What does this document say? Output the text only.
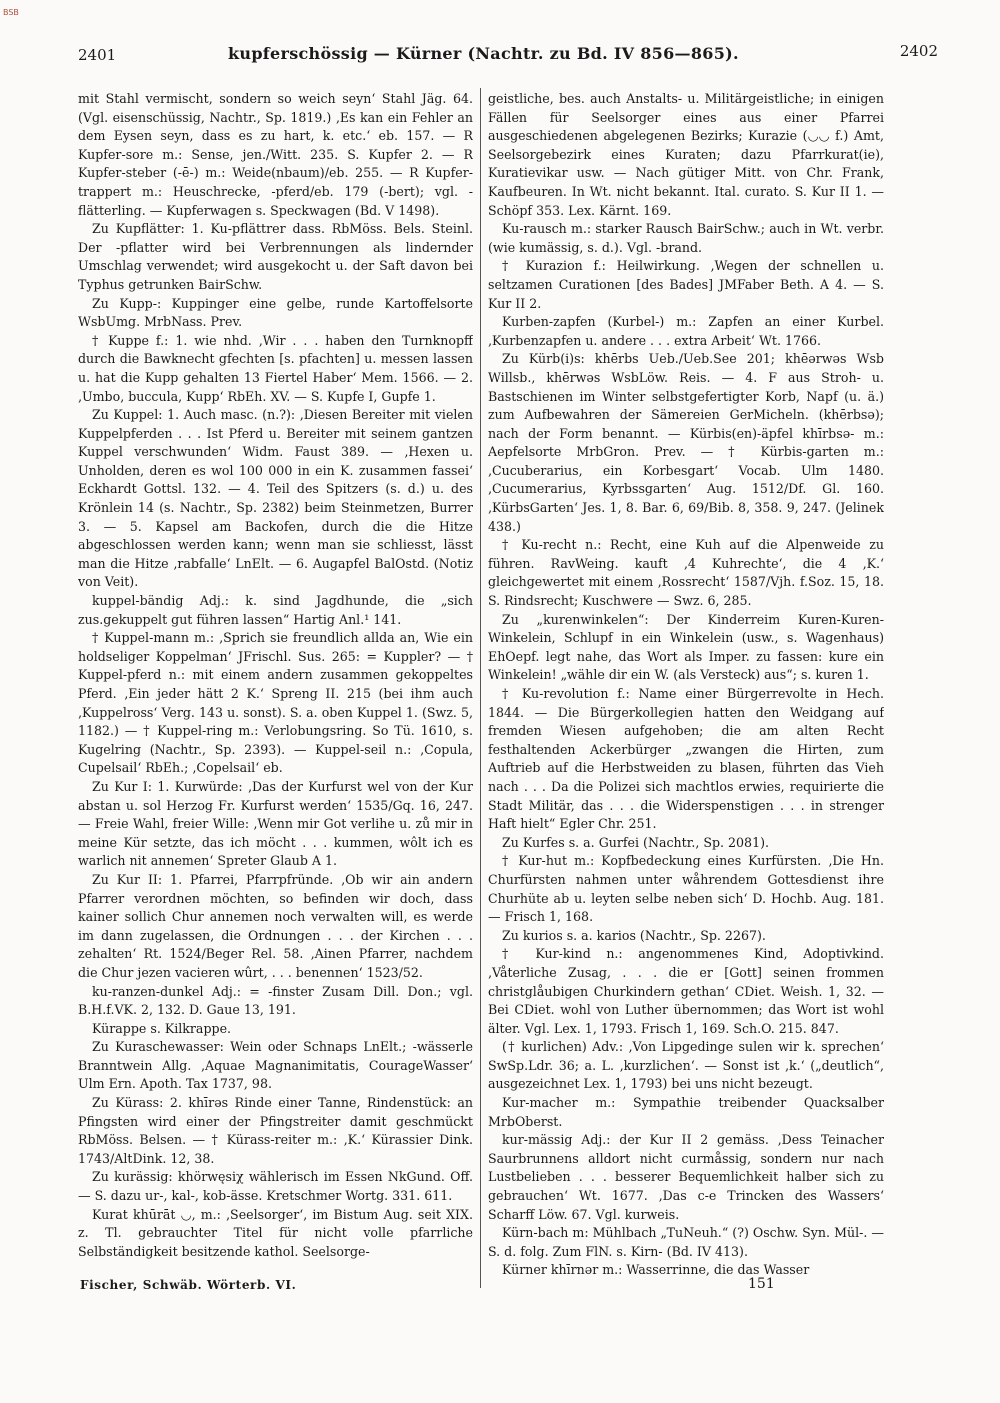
BSB
2401	kupferschössig — Kürner (Nachtr. zu Bd. IV 856—865).	2402

mit Stahl vermischt, sondern so weich seyn‘ Stahl Jäg. 64. (Vgl. eisenschüssig, Nachtr., Sp. 1819.) ‚Es kan ein Fehler an dem Eysen seyn, dass es zu hart, k. etc.‘ eb. 157. — R Kupfer-sore m.: Sense, jen./Witt. 235. S. Kupfer 2. — R Kupfer-steber (-ē-) m.: Weide(nbaum)/eb. 255. — R Kupfer-trappert m.: Heuschrecke, -pferd/eb. 179 (-bert); vgl. -flätterling. — Kupferwagen s. Speckwagen (Bd. V 1498).

Zu Kupflätter: 1. Ku-pflättrer dass. RbMöss. Bels. Steinl. Der -pflatter wird bei Verbrennungen als lindernder Umschlag verwendet; wird ausgekocht u. der Saft davon bei Typhus getrunken BairSchw.

Zu Kupp-: Kuppinger eine gelbe, runde Kartoffelsorte WsbUmg. MrbNass. Prev.

† Kuppe f.: 1. wie nhd. ‚Wir . . . haben den Turnknopff durch die Bawknecht gfechten [s. pfachten] u. messen lassen u. hat die Kupp gehalten 13 Fiertel Haber‘ Mem. 1566. — 2. ‚Umbo, buccula, Kupp‘ RbEh. XV. — S. Kupfe I, Gupfe 1.

Zu Kuppel: 1. Auch masc. (n.?): ‚Diesen Bereiter mit vielen Kuppelpferden . . . Ist Pferd u. Bereiter mit seinem gantzen Kuppel verschwunden‘ Widm. Faust 389. — ‚Hexen u. Unholden, deren es wol 100 000 in ein K. zusammen fassei‘ Eckhardt Gottsl. 132. — 4. Teil des Spitzers (s. d.) u. des Krönlein 14 (s. Nachtr., Sp. 2382) beim Steinmetzen, Burrer 3. — 5. Kapsel am Backofen, durch die die Hitze abgeschlossen werden kann; wenn man sie schliesst, lässt man die Hitze ‚rabfalle‘ LnElt. — 6. Augapfel BalOstd. (Notiz von Veit).

kuppel-bändig Adj.: k. sind Jagdhunde, die „sich zus.gekuppelt gut führen lassen“ Hartig Anl.¹ 141.

† Kuppel-mann m.: ‚Sprich sie freundlich allda an, Wie ein holdseliger Koppelman‘ JFrischl. Sus. 265: = Kuppler? — † Kuppel-pferd n.: mit einem andern zusammen gekoppeltes Pferd. ‚Ein jeder hätt 2 K.‘ Spreng II. 215 (bei ihm auch ‚Kuppelross‘ Verg. 143 u. sonst). S. a. oben Kuppel 1. (Swz. 5, 1182.) — † Kuppel-ring m.: Verlobungsring. So Tü. 1610, s. Kugelring (Nachtr., Sp. 2393). — Kuppel-seil n.: ‚Copula, Cupelsail‘ RbEh.; ‚Copelsail‘ eb.

Zu Kur I: 1. Kurwürde: ‚Das der Kurfurst wel von der Kur abstan u. sol Herzog Fr. Kurfurst werden‘ 1535/Gq. 16, 247. — Freie Wahl, freier Wille: ‚Wenn mir Got verlihe u. zů mir in meine Kür setzte, das ich möcht . . . kummen, wôlt ich es warlich nit annemen‘ Spreter Glaub A 1.

Zu Kur II: 1. Pfarrei, Pfarrpfründe. ‚Ob wir ain andern Pfarrer verordnen möchten, so befinden wir doch, dass kainer sollich Chur annemen noch verwalten will, es werde im dann zugelassen, die Ordnungen . . . der Kirchen . . . zehalten‘ Rt. 1524/Beger Rel. 58. ‚Ainen Pfarrer, nachdem die Chur jezen vacieren wûrt, . . . benennen‘ 1523/52.

ku-ranzen-dunkel Adj.: = -finster Zusam Dill. Don.; vgl. B.H.f.VK. 2, 132. D. Gaue 13, 191.

Kürappe s. Kilkrappe.

Zu Kuraschewasser: Wein oder Schnaps LnElt.; -wässerle Branntwein Allg. ‚Aquae Magnanimitatis, CouragеWasser‘ Ulm Ern. Apoth. Tax 1737, 98.

Zu Kürass: 2. khīrəs Rinde einer Tanne, Rindenstück: an Pfingsten wird einer der Pfingstreiter damit geschmückt RbMöss. Belsen. — † Kürass-reiter m.: ‚K.‘ Kürassier Dink. 1743/AltDink. 12, 38.

Zu kurässig: khörwęsiχ wählerisch im Essen NkGund. Off. — S. dazu ur-, kal-, kob-ässe. Kretschmer Wortg. 331. 611.

Kurat khūrāt ◡, m.: ‚Seelsorger‘, im Bistum Aug. seit XIX. z. Tl. gebrauchter Titel für nicht volle pfarrliche Selbständigkeit besitzende kathol. Seelsorge-

geistliche, bes. auch Anstalts- u. Militärgeistliche; in einigen Fällen für Seelsorger eines aus einer Pfarrei ausgeschiedenen abgelegenen Bezirks; Kurazie (◡◡ f.) Amt, Seelsorgebezirk eines Kuraten; dazu Pfarrkurat(ie), Kuratievikar usw. — Nach gütiger Mitt. von Chr. Frank, Kaufbeuren. In Wt. nicht bekannt. Ital. curato. S. Kur II 1. — Schöpf 353. Lex. Kärnt. 169.

Ku-rausch m.: starker Rausch BairSchw.; auch in Wt. verbr. (wie kumässig, s. d.). Vgl. -brand.

† Kurazion f.: Heilwirkung. ‚Wegen der schnellen u. seltzamen Curationen [des Bades] JMFaber Beth. A 4. — S. Kur II 2.

Kurben-zapfen (Kurbel-) m.: Zapfen an einer Kurbel. ‚Kurbenzapfen u. andere . . . extra Arbeit‘ Wt. 1766.

Zu Kürb(i)s: khērbs Ueb./Ueb.See 201; khēərwəs Wsb Willsb., khērwəs WsbLöw. Reis. — 4. F aus Stroh- u. Bastschienen im Winter selbstgefertigter Korb, Napf (u. ä.) zum Aufbewahren der Sämereien GerMicheln. (khērbsə); nach der Form benannt. — Kürbis(en)-äpfel khīrbsə- m.: Aepfelsorte MrbGron. Prev. — † Kürbis-garten m.: ‚Cucuberarius, ein Korbesgart‘ Vocab. Ulm 1480. ‚Cucumerarius, Kyrbssgarten‘ Aug. 1512/Df. Gl. 160. ‚KürbsGarten‘ Jes. 1, 8. Bar. 6, 69/Bib. 8, 358. 9, 247. (Jelinek 438.)

† Ku-recht n.: Recht, eine Kuh auf die Alpenweide zu führen. RavWeing. kauft ‚4 Kuhrechte‘, die 4 ‚K.‘ gleichgewertet mit einem ‚Rossrecht‘ 1587/Vjh. f.Soz. 15, 18. S. Rindsrecht; Kuschwere — Swz. 6, 285.

Zu „kurenwinkelen“: Der Kinderreim Kuren-Kuren-Winkelein, Schlupf in ein Winkelein (usw., s. Wagenhaus) EhOepf. legt nahe, das Wort als Imper. zu fassen: kure ein Winkelein! „wähle dir ein W. (als Versteck) aus“; s. kuren 1.

† Ku-revolution f.: Name einer Bürgerrevolte in Hech. 1844. — Die Bürgerkollegien hatten den Weidgang auf fremden Wiesen aufgehoben; die am alten Recht festhaltenden Ackerbürger „zwangen die Hirten, zum Auftrieb auf die Herbstweiden zu blasen, führten das Vieh nach . . . Da die Polizei sich machtlos erwies, requirierte die Stadt Militär, das . . . die Widerspenstigen . . . in strenger Haft hielt“ Egler Chr. 251.

Zu Kurfes s. a. Gurfei (Nachtr., Sp. 2081).

† Kur-hut m.: Kopfbedeckung eines Kurfürsten. ‚Die Hn. Churfürsten nahmen unter wåhrendem Gottesdienst ihre Churhüte ab u. leyten selbe neben sich‘ D. Hochb. Aug. 181. — Frisch 1, 168.

Zu kurios s. a. karios (Nachtr., Sp. 2267).

† Kur-kind n.: angenommenes Kind, Adoptivkind. ‚Våterliche Zusag, . . . die er [Gott] seinen frommen christglåubigen Churkindern gethan‘ CDiet. Weish. 1, 32. — Bei CDiet. wohl von Luther übernommen; das Wort ist wohl älter. Vgl. Lex. 1, 1793. Frisch 1, 169. Sch.O. 215. 847.

(† kurlichen) Adv.: ‚Von Lipgedinge sulen wir k. sprechen‘ SwSp.Ldr. 36; a. L. ‚kurzlichen‘. — Sonst ist ‚k.‘ („deutlich“, ausgezeichnet Lex. 1, 1793) bei uns nicht bezeugt.

Kur-macher m.: Sympathie treibender Quacksalber MrbOberst.

kur-mässig Adj.: der Kur II 2 gemäss. ‚Dess Teinacher Saurbrunnens alldort nicht curmåssig, sondern nur nach Lustbelieben . . . besserer Bequemlichkeit halber sich zu gebrauchen‘ Wt. 1677. ‚Das c-e Trincken des Wassers‘ Scharff Löw. 67. Vgl. kurweis.

Kürn-bach m: Mühlbach „TuNeuh.“ (?) Oschw. Syn. Mül-. — S. d. folg. Zum FlN. s. Kirn- (Bd. IV 413).

Kürner khīrnər m.: Wasserrinne, die das Wasser

Fischer, Schwäb. Wörterb. VI.	151
